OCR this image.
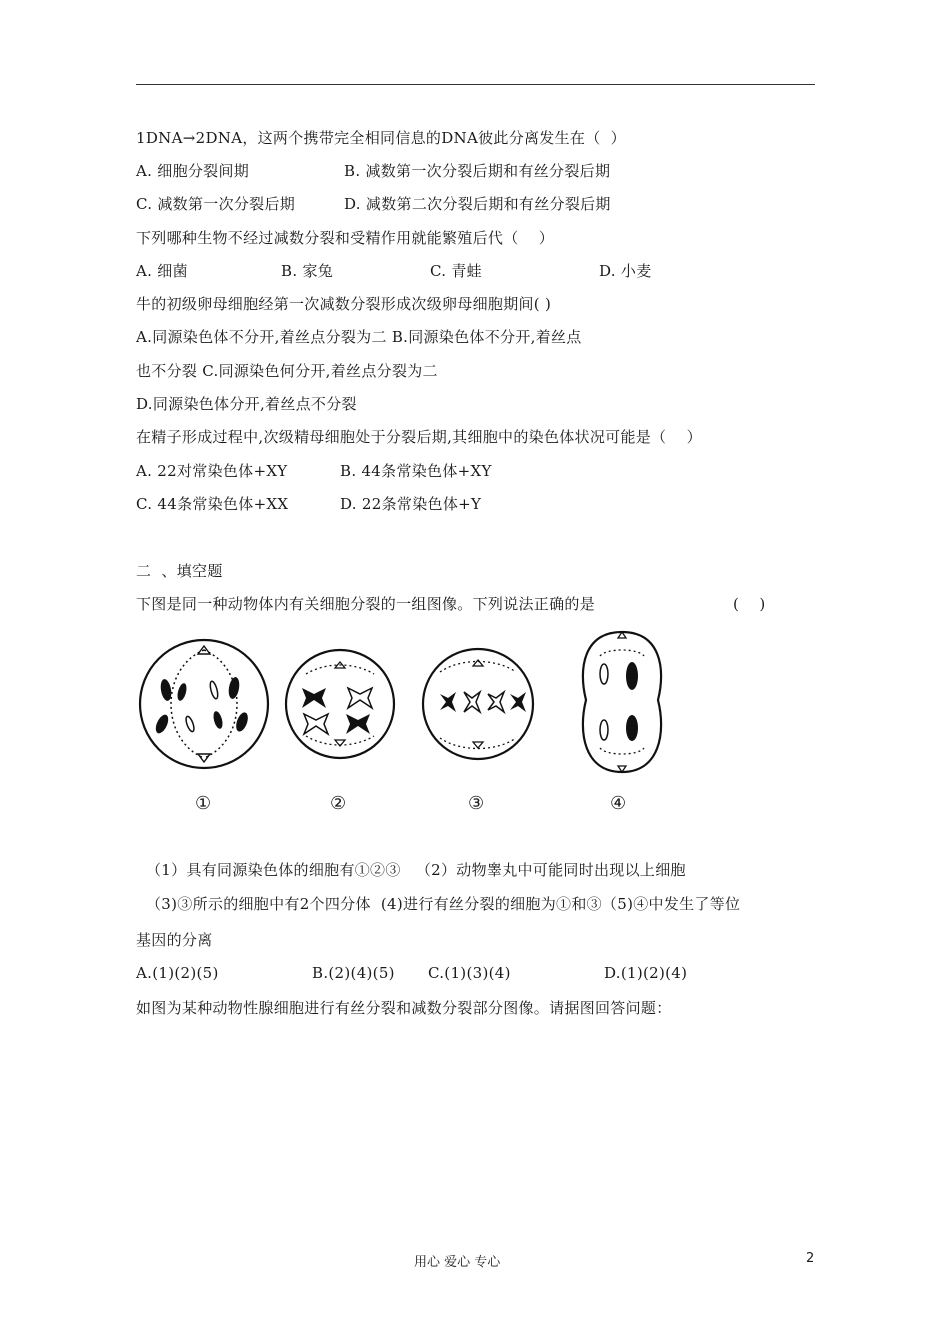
1DNA→2DNA，这两个携带完全相同信息的DNA彼此分离发生在（  ）
A. 细胞分裂间期	B. 减数第一次分裂后期和有丝分裂后期
C. 减数第一次分裂后期	D. 减数第二次分裂后期和有丝分裂后期
下列哪种生物不经过减数分裂和受精作用就能繁殖后代（    ）
A. 细菌	B. 家兔	C. 青蛙	D. 小麦
牛的初级卵母细胞经第一次减数分裂形成次级卵母细胞期间( )
A.同源染色体不分开,着丝点分裂为二 B.同源染色体不分开,着丝点
也不分裂 C.同源染色何分开,着丝点分裂为二
D.同源染色体分开,着丝点不分裂
在精子形成过程中,次级精母细胞处于分裂后期,其细胞中的染色体状况可能是（    ）
A. 22对常染色体+XY	B. 44条常染色体+XY
C. 44条常染色体+XX	D. 22条常染色体+Y
二  、填空题
下图是同一种动物体内有关细胞分裂的一组图像。下列说法正确的是	(    )
①	②	③	④
（1）具有同源染色体的细胞有①②③   （2）动物睾丸中可能同时出现以上细胞
（3)③所示的细胞中有2个四分体  (4)进行有丝分裂的细胞为①和③（5)④中发生了等位
基因的分离
A.(1)(2)(5)	B.(2)(4)(5) C.(1)(3)(4)	D.(1)(2)(4)
如图为某种动物性腺细胞进行有丝分裂和减数分裂部分图像。请据图回答问题：
用心 爱心 专心	2
